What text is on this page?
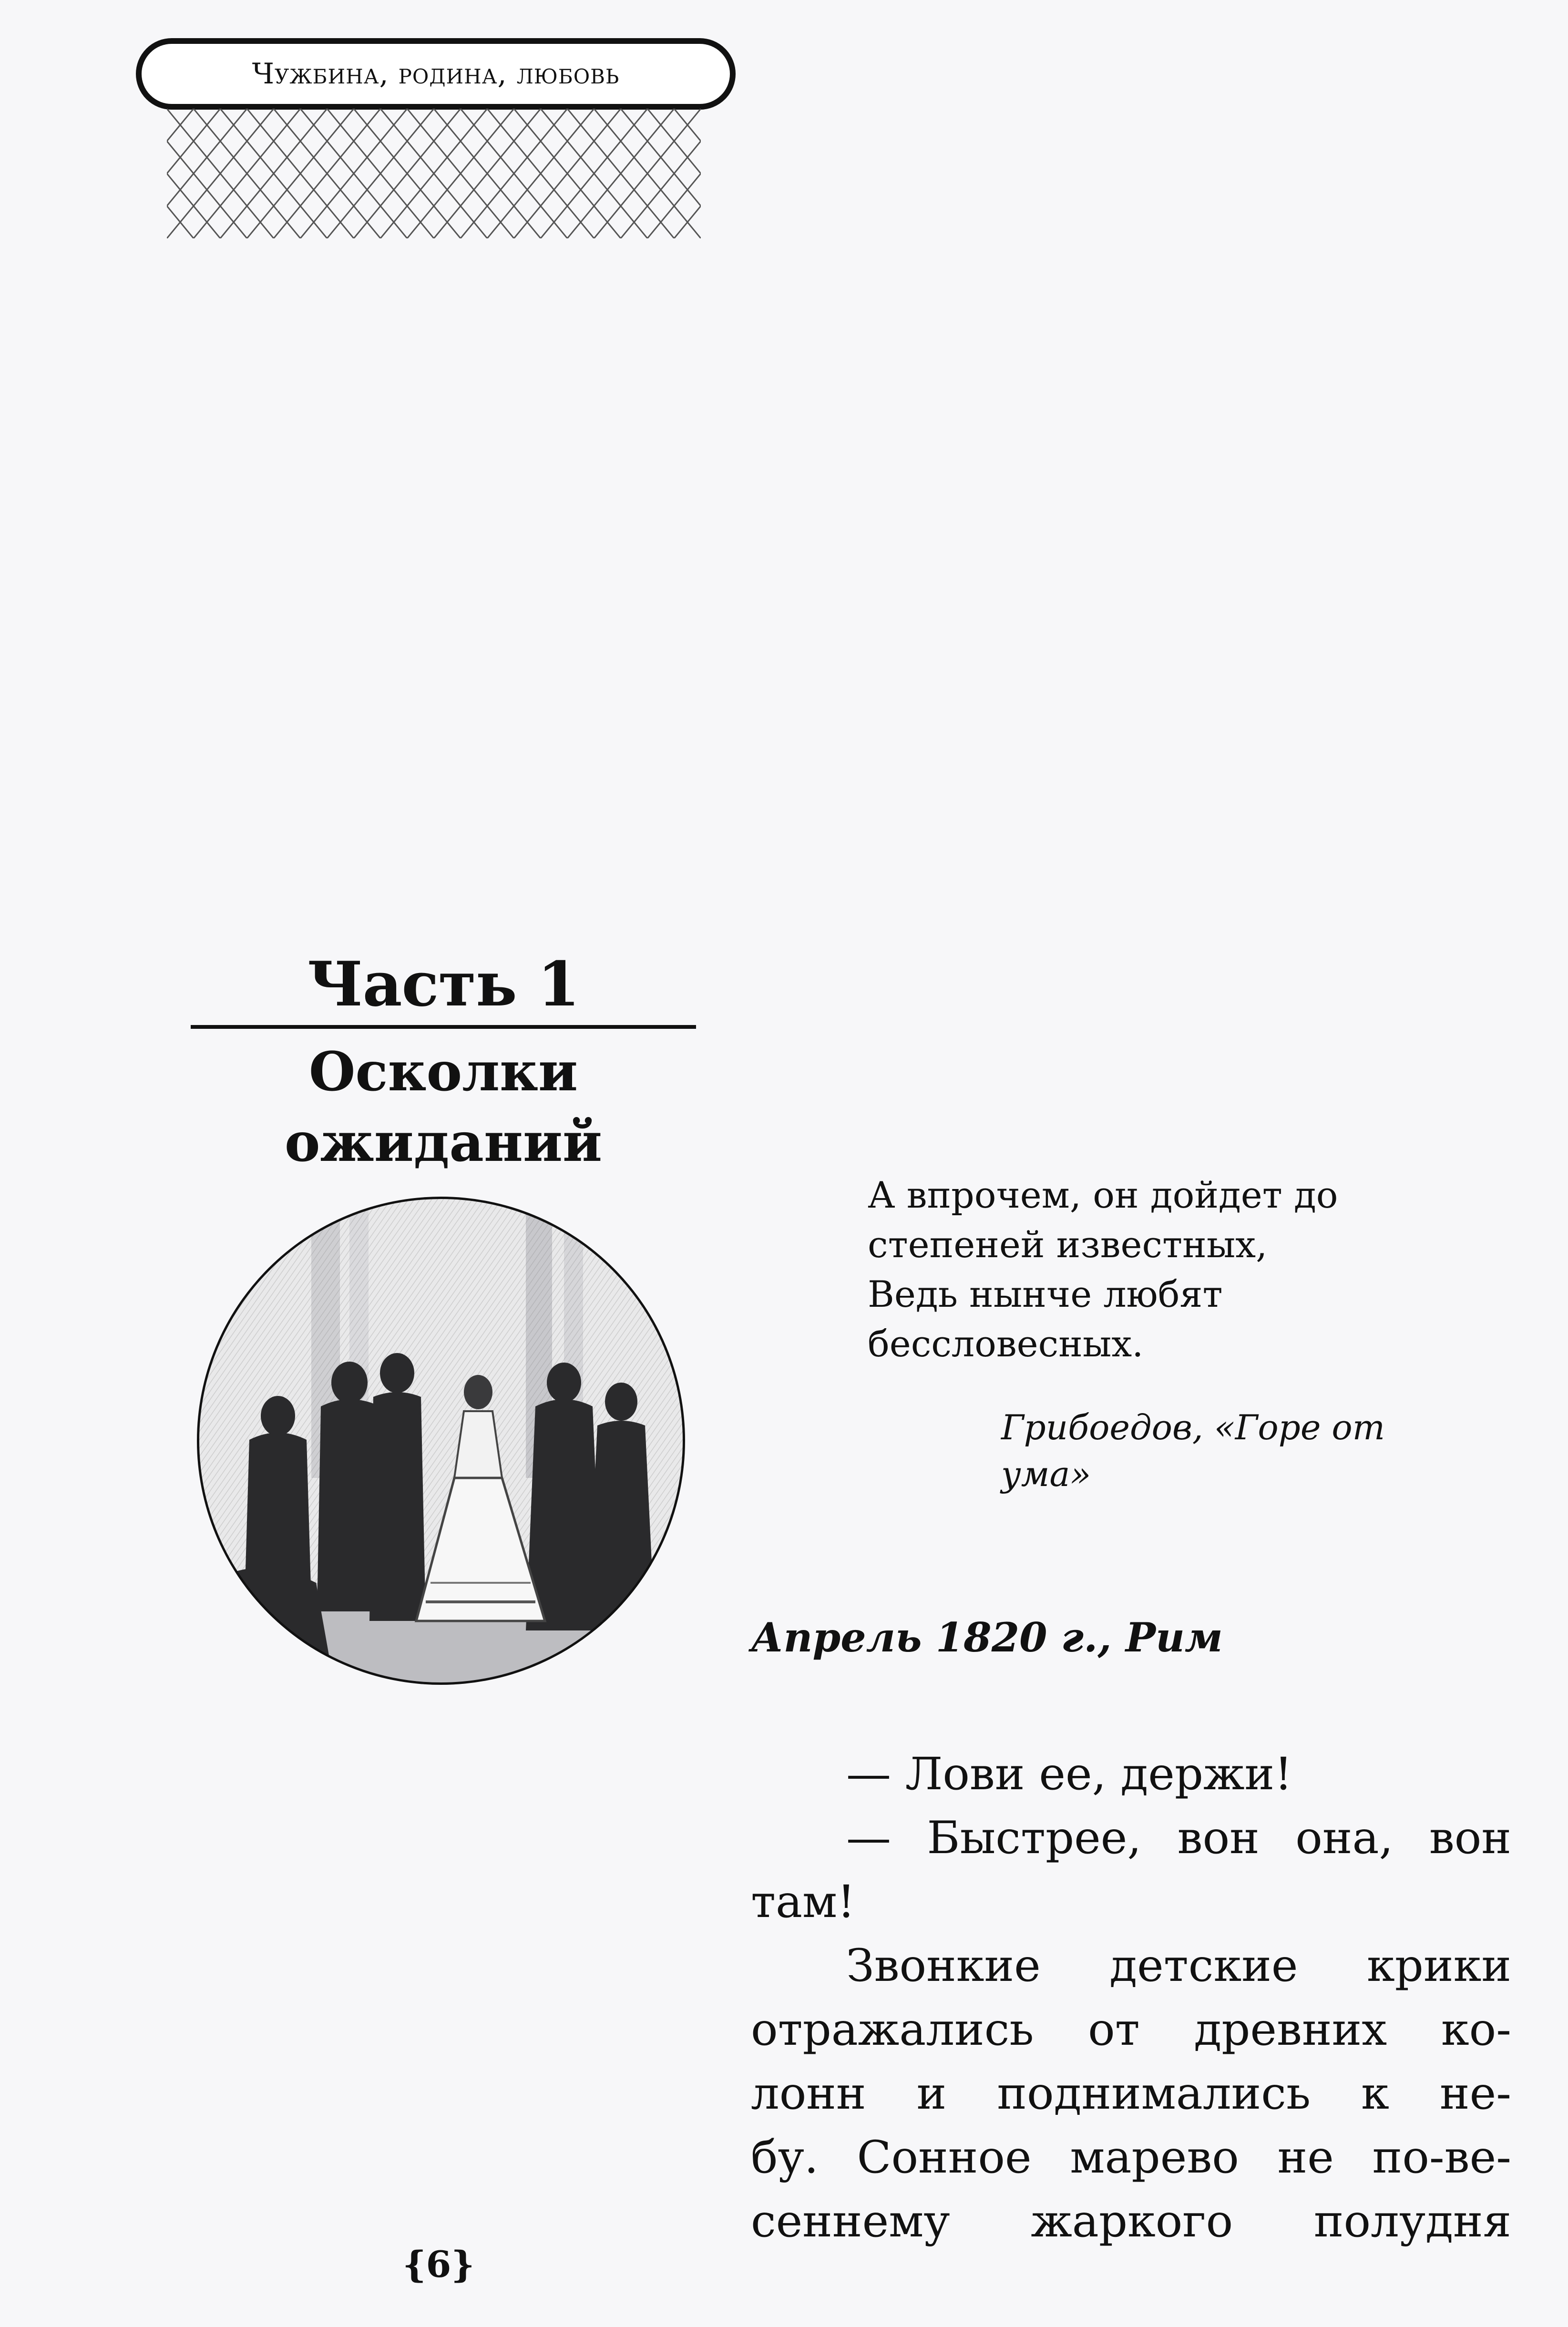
Чужбина, родина, любовь
Часть 1
Осколки
ожиданий
А впрочем, он дойдет до
степеней известных,
Ведь нынче любят
бессловесных.
Грибоедов, «Горе от
ума»
Апрель 1820 г., Рим
— Лови ее, держи!
— Быстрее, вон она, вон
там!
Звонкие детские крики
отражались от древних ко-
лонн и поднимались к не-
бу. Сонное марево не по-ве-
сеннему жаркого полудня
{6}
